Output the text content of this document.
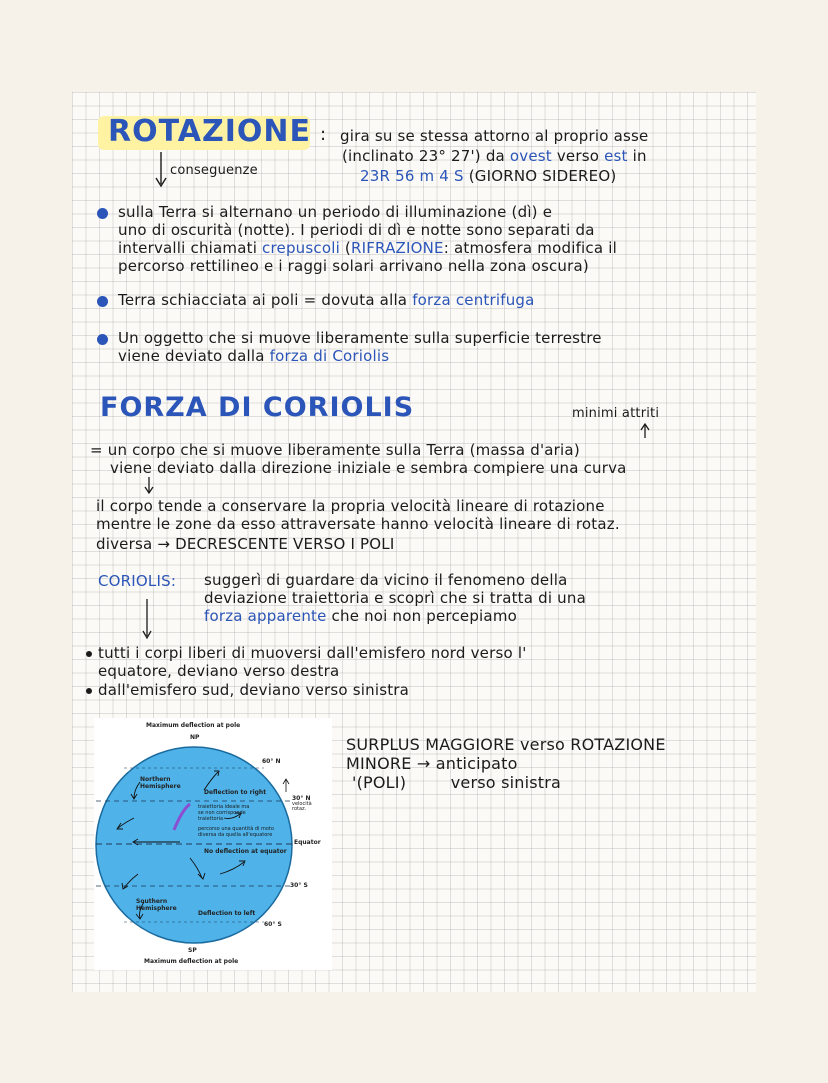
ROTAZIONE : gira su se stessa attorno al proprio asse
(inclinato 23° 27') da ovest verso est in
23R 56 m 4 S (GIORNO SIDEREO)
conseguenze
sulla Terra si alternano un periodo di illuminazione (dì) e
uno di oscurità (notte). I periodi di dì e notte sono separati da
intervalli chiamati crepuscoli (RIFRAZIONE: atmosfera modifica il
percorso rettilineo e i raggi solari arrivano nella zona oscura)
Terra schiacciata ai poli = dovuta alla forza centrifuga
Un oggetto che si muove liberamente sulla superficie terrestre
viene deviato dalla forza di Coriolis
FORZA DI CORIOLIS	minimi attriti
= un corpo che si muove liberamente sulla Terra (massa d'aria)
viene deviato dalla direzione iniziale e sembra compiere una curva
il corpo tende a conservare la propria velocità lineare di rotazione
mentre le zone da esso attraversate hanno velocità lineare di rotaz.
diversa → DECRESCENTE VERSO I POLI
CORIOLIS: suggerì di guardare da vicino il fenomeno della
deviazione traiettoria e scoprì che si tratta di una
forza apparente che noi non percepiamo
tutti i corpi liberi di muoversi dall'emisfero nord verso l'
equatore, deviano verso destra
dall'emisfero sud, deviano verso sinistra
Maximum deflection at pole
NP
60° N
Northern
Hemisphere
Deflection to right
30° N
velocità
rotaz.
traiettoria ideale ma
se non corrisponde
traiettoria
percorso una quantità di moto
diversa da quella all'equatore
Equator
No deflection at equator
30° S
Southern
Hemisphere
Deflection to left
60° S
SP
Maximum deflection at pole
SURPLUS MAGGIORE verso ROTAZIONE
MINORE → anticipato
'(POLI)	verso sinistra
